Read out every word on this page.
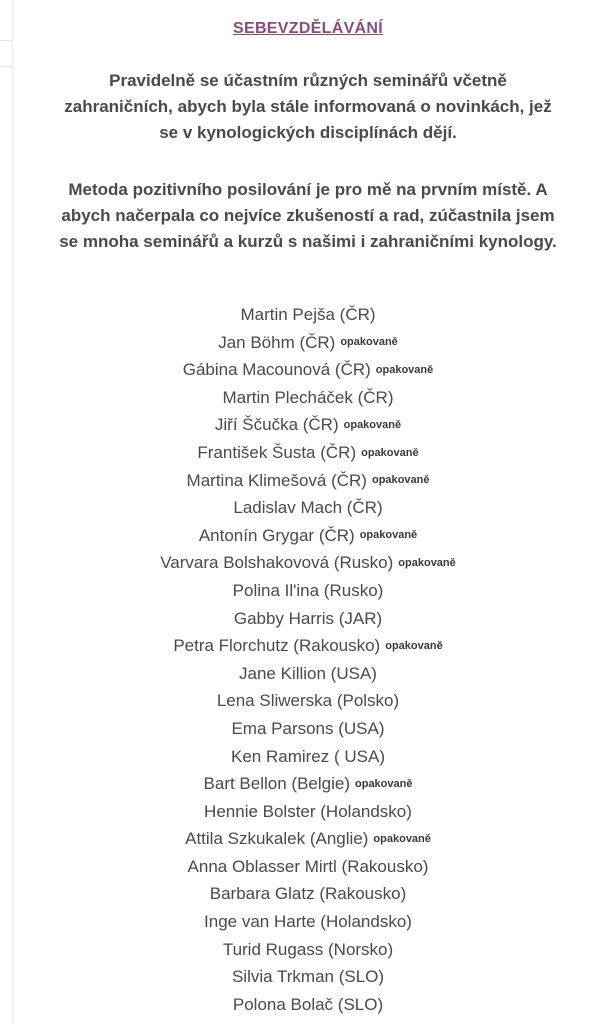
SEBEVZDĚLÁVÁNÍ

Pravidelně se účastním různých seminářů včetně
zahraničních, abych byla stále informovaná o novinkách, jež
se v kynologických disciplínách dějí.

Metoda pozitivního posilování je pro mě na prvním místě. A
abych načerpala co nejvíce zkušeností a rad, zúčastnila jsem
se mnoha seminářů a kurzů s našimi i zahraničními kynology.

Martin Pejša (ČR)
Jan Böhm (ČR) opakovaně
Gábina Macounová (ČR) opakovaně
Martin Plecháček (ČR)
Jiří Ščučka (ČR) opakovaně
František Šusta (ČR) opakovaně
Martina Klimešová (ČR) opakovaně
Ladislav Mach (ČR)
Antonín Grygar (ČR) opakovaně
Varvara Bolshakovová (Rusko) opakovaně
Polina Il'ina (Rusko)
Gabby Harris (JAR)
Petra Florchutz (Rakousko) opakovaně
Jane Killion (USA)
Lena Sliwerska (Polsko)
Ema Parsons (USA)
Ken Ramirez ( USA)
Bart Bellon (Belgie) opakovaně
Hennie Bolster (Holandsko)
Attila Szkukalek (Anglie) opakovaně
Anna Oblasser Mirtl (Rakousko)
Barbara Glatz (Rakousko)
Inge van Harte (Holandsko)
Turid Rugass (Norsko)
Silvia Trkman (SLO)
Polona Bolač (SLO)
